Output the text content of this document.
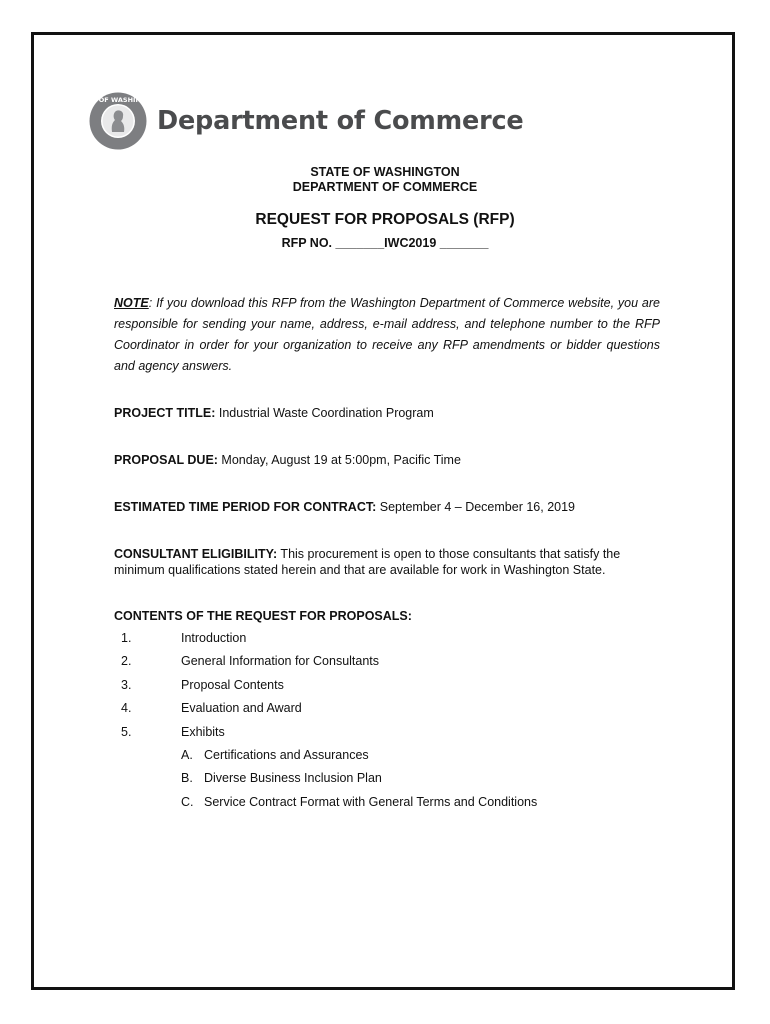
STATE OF WASHINGTON
Department of Commerce
STATE OF WASHINGTON
DEPARTMENT OF COMMERCE
REQUEST FOR PROPOSALS (RFP)
RFP NO. _______IWC2019 _______
NOTE: If you download this RFP from the Washington Department of Commerce website, you are responsible for sending your name, address, e-mail address, and telephone number to the RFP Coordinator in order for your organization to receive any RFP amendments or bidder questions and agency answers.
PROJECT TITLE: Industrial Waste Coordination Program
PROPOSAL DUE: Monday, August 19 at 5:00pm, Pacific Time
ESTIMATED TIME PERIOD FOR CONTRACT: September 4 – December 16, 2019
CONSULTANT ELIGIBILITY: This procurement is open to those consultants that satisfy the minimum qualifications stated herein and that are available for work in Washington State.
CONTENTS OF THE REQUEST FOR PROPOSALS:
1.	Introduction
2.	General Information for Consultants
3.	Proposal Contents
4.	Evaluation and Award
5.	Exhibits
A. Certifications and Assurances
B. Diverse Business Inclusion Plan
C. Service Contract Format with General Terms and Conditions
